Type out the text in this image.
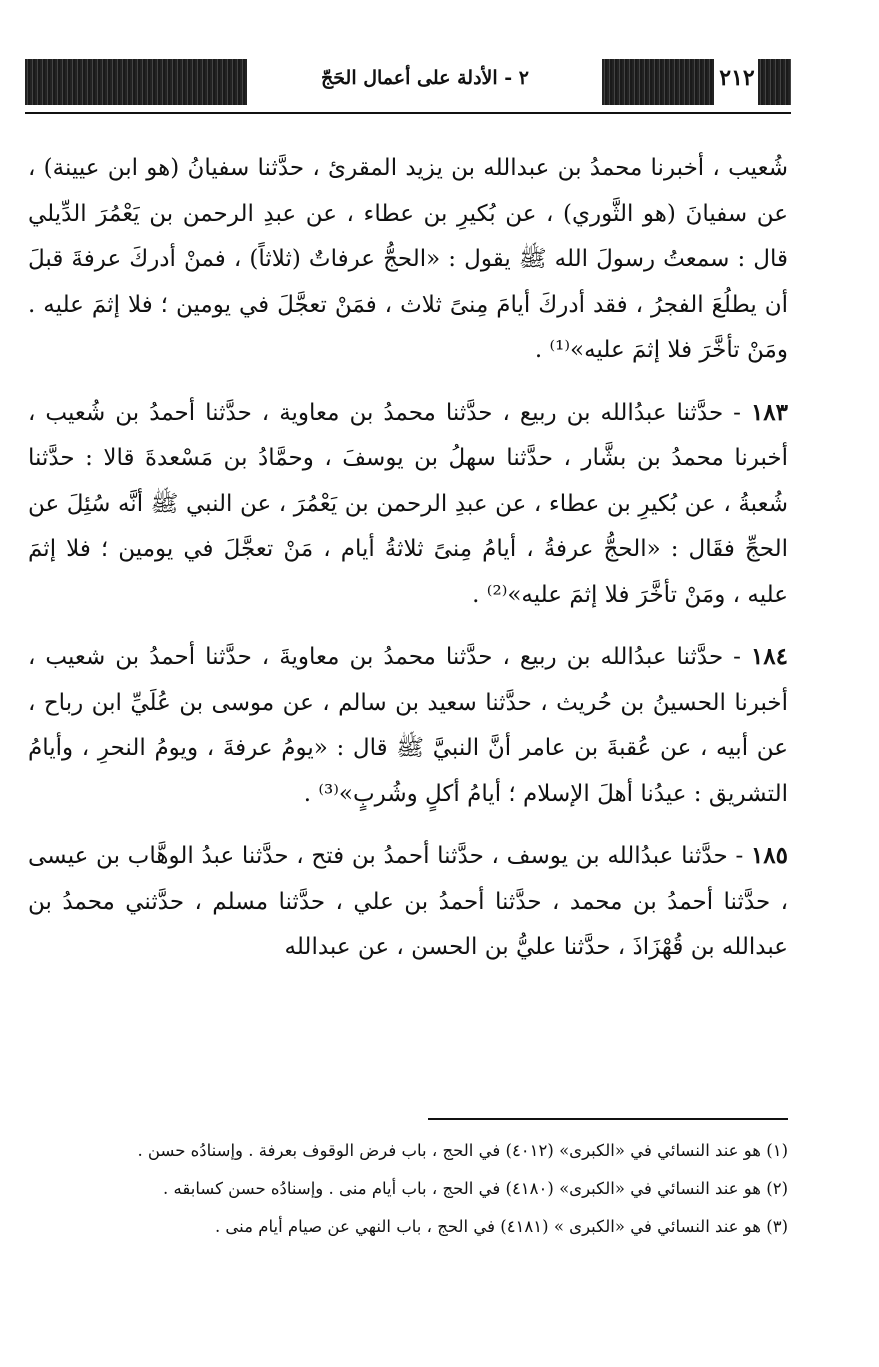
٢ - الأدلة على أعمال الحَجّ	٢١٢

شُعيب ، أخبرنا محمدُ بن عبدالله بن يزيد المقرئ ، حدَّثنا سفيانُ (هو ابن عيينة) ، عن سفيانَ (هو الثَّوري) ، عن بُكيرِ بن عطاء ، عن عبدِ الرحمن بن يَعْمُرَ الدِّيلي قال : سمعتُ رسولَ الله ﷺ يقول : «الحجُّ عرفاتٌ (ثلاثاً) ، فمنْ أدركَ عرفةَ قبلَ أن يطلُعَ الفجرُ ، فقد أدركَ أيامَ مِنىً ثلاث ، فمَنْ تعجَّلَ في يومين ؛ فلا إثمَ عليه . ومَنْ تأخَّرَ فلا إثمَ عليه»⁽¹⁾ .

١٨٣ - حدَّثنا عبدُالله بن ربيع ، حدَّثنا محمدُ بن معاوية ، حدَّثنا أحمدُ بن شُعيب ، أخبرنا محمدُ بن بشَّار ، حدَّثنا سهلُ بن يوسفَ ، وحمَّادُ بن مَسْعدةَ قالا : حدَّثنا شُعبةُ ، عن بُكيرِ بن عطاء ، عن عبدِ الرحمن بن يَعْمُرَ ، عن النبي ﷺ أنَّه سُئِلَ عن الحجِّ فقَال : «الحجُّ عرفةُ ، أيامُ مِنىً ثلاثةُ أيام ، مَنْ تعجَّلَ في يومين ؛ فلا إثمَ عليه ، ومَنْ تأخَّرَ فلا إثمَ عليه»⁽²⁾ .

١٨٤ - حدَّثنا عبدُالله بن ربيع ، حدَّثنا محمدُ بن معاويةَ ، حدَّثنا أحمدُ بن شعيب ، أخبرنا الحسينُ بن حُريث ، حدَّثنا سعيد بن سالم ، عن موسى بن عُلَيِّ ابن رباح ، عن أبيه ، عن عُقبةَ بن عامر أنَّ النبيَّ ﷺ قال : «يومُ عرفةَ ، ويومُ النحرِ ، وأيامُ التشريق : عيدُنا أهلَ الإسلام ؛ أيامُ أكلٍ وشُربٍ»⁽³⁾ .

١٨٥ - حدَّثنا عبدُالله بن يوسف ، حدَّثنا أحمدُ بن فتح ، حدَّثنا عبدُ الوهَّاب بن عيسى ، حدَّثنا أحمدُ بن محمد ، حدَّثنا أحمدُ بن علي ، حدَّثنا مسلم ، حدَّثني محمدُ بن عبدالله بن قُهْزَاذَ ، حدَّثنا عليُّ بن الحسن ، عن عبدالله

(١) هو عند النسائي في «الكبرى» (٤٠١٢) في الحج ، باب فرض الوقوف بعرفة . وإسنادُه حسن .

(٢) هو عند النسائي في «الكبرى» (٤١٨٠) في الحج ، باب أيام منى . وإسنادُه حسن كسابقه .

(٣) هو عند النسائي في «الكبرى » (٤١٨١) في الحج ، باب النهي عن صيام أيام منى .
